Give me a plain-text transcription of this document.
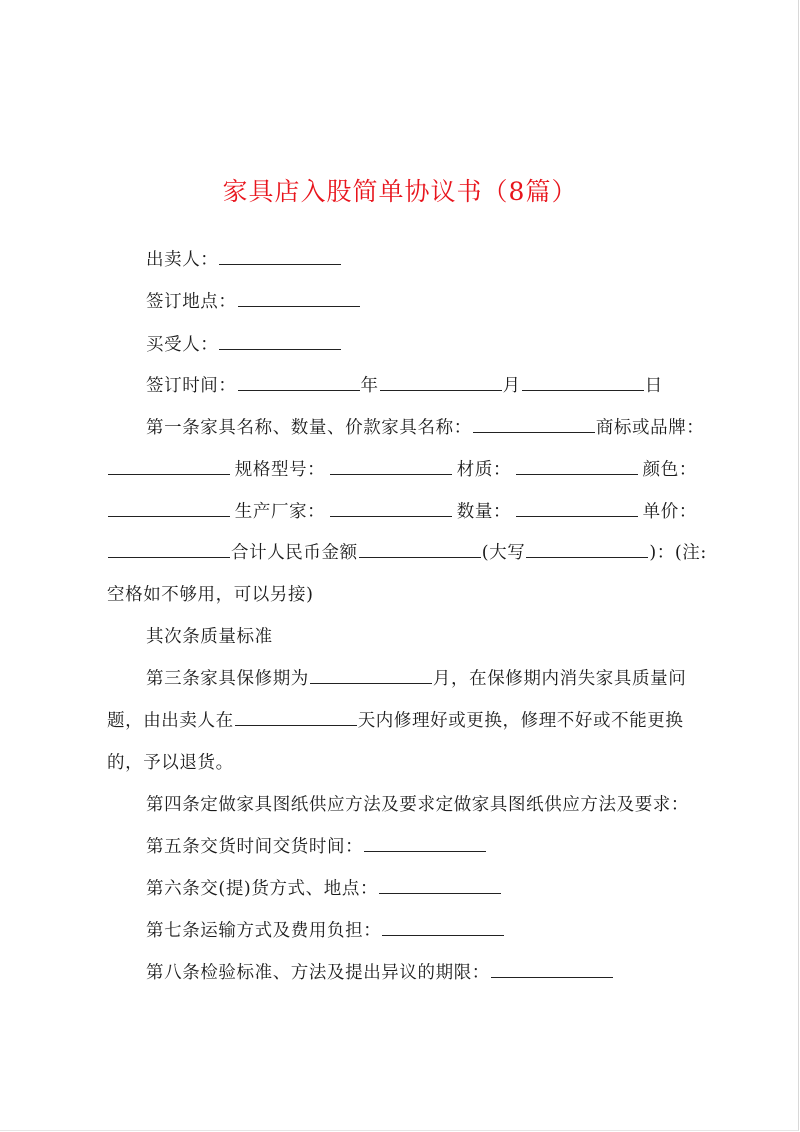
家具店入股简单协议书（8篇）
出卖人：
签订地点：
买受人：
签订时间：	年	月	日
第一条家具名称、数量、价款家具名称：	商标或品牌：
规格型号：	材质：	颜色：
生产厂家：	数量：	单价：
合计人民币金额	(大写	)：(注:
空格如不够用，可以另接)
其次条质量标准
第三条家具保修期为	月，在保修期内消失家具质量问
题，由出卖人在	天内修理好或更换，修理不好或不能更换
的，予以退货。
第四条定做家具图纸供应方法及要求定做家具图纸供应方法及要求：
第五条交货时间交货时间：
第六条交(提)货方式、地点：
第七条运输方式及费用负担：
第八条检验标准、方法及提出异议的期限：
